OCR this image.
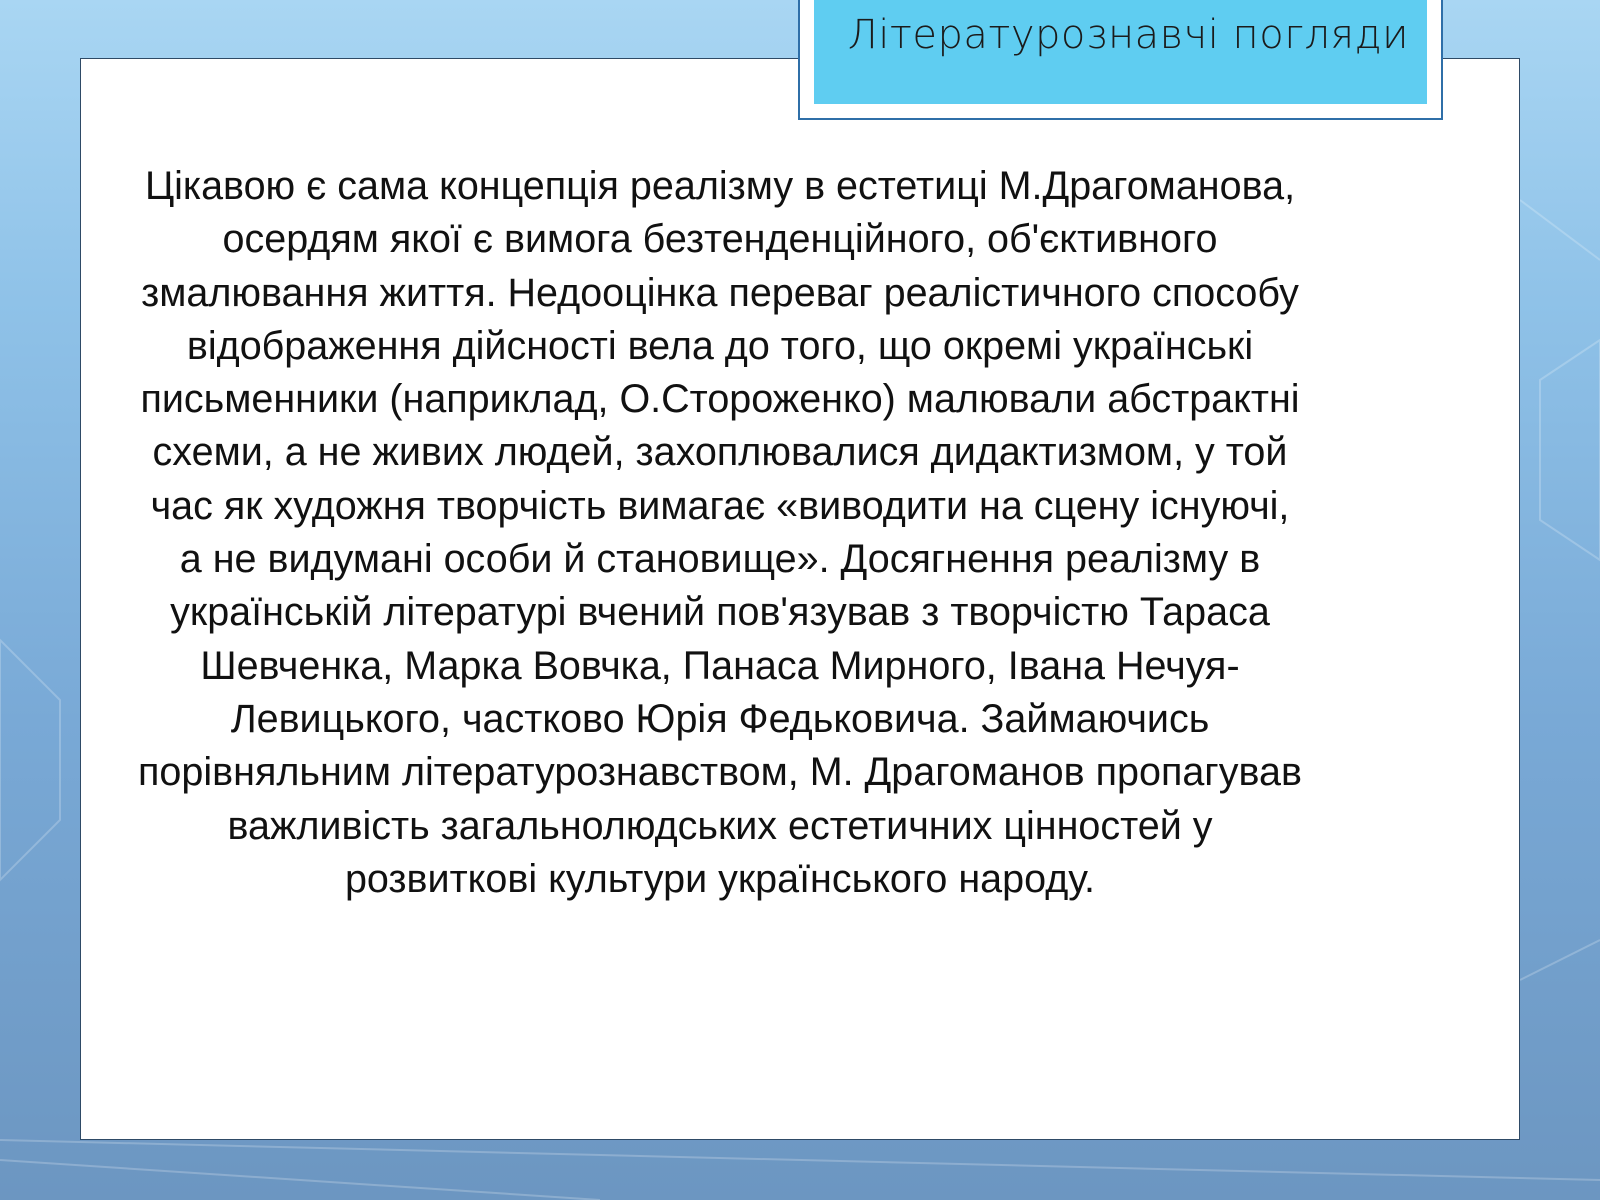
Літературознавчі погляди
Цікавою є сама концепція реалізму в естетиці М.Драгоманова,
осердям якої є вимога безтенденційного, об'єктивного
змалювання життя. Недооцінка переваг реалістичного способу
відображення дійсності вела до того, що окремі українські
письменники (наприклад, О.Стороженко) малювали абстрактні
схеми, а не живих людей, захоплювалися дидактизмом, у той
час як художня творчість вимагає «виводити на сцену існуючі,
а не видумані особи й становище». Досягнення реалізму в
українській літературі вчений пов'язував з творчістю Тараса
Шевченка, Марка Вовчка, Панаса Мирного, Івана Нечуя-
Левицького, частково Юрія Федьковича. Займаючись
порівняльним літературознавством, М. Драгоманов пропагував
важливість загальнолюдських естетичних цінностей у
розвиткові культури українського народу.
